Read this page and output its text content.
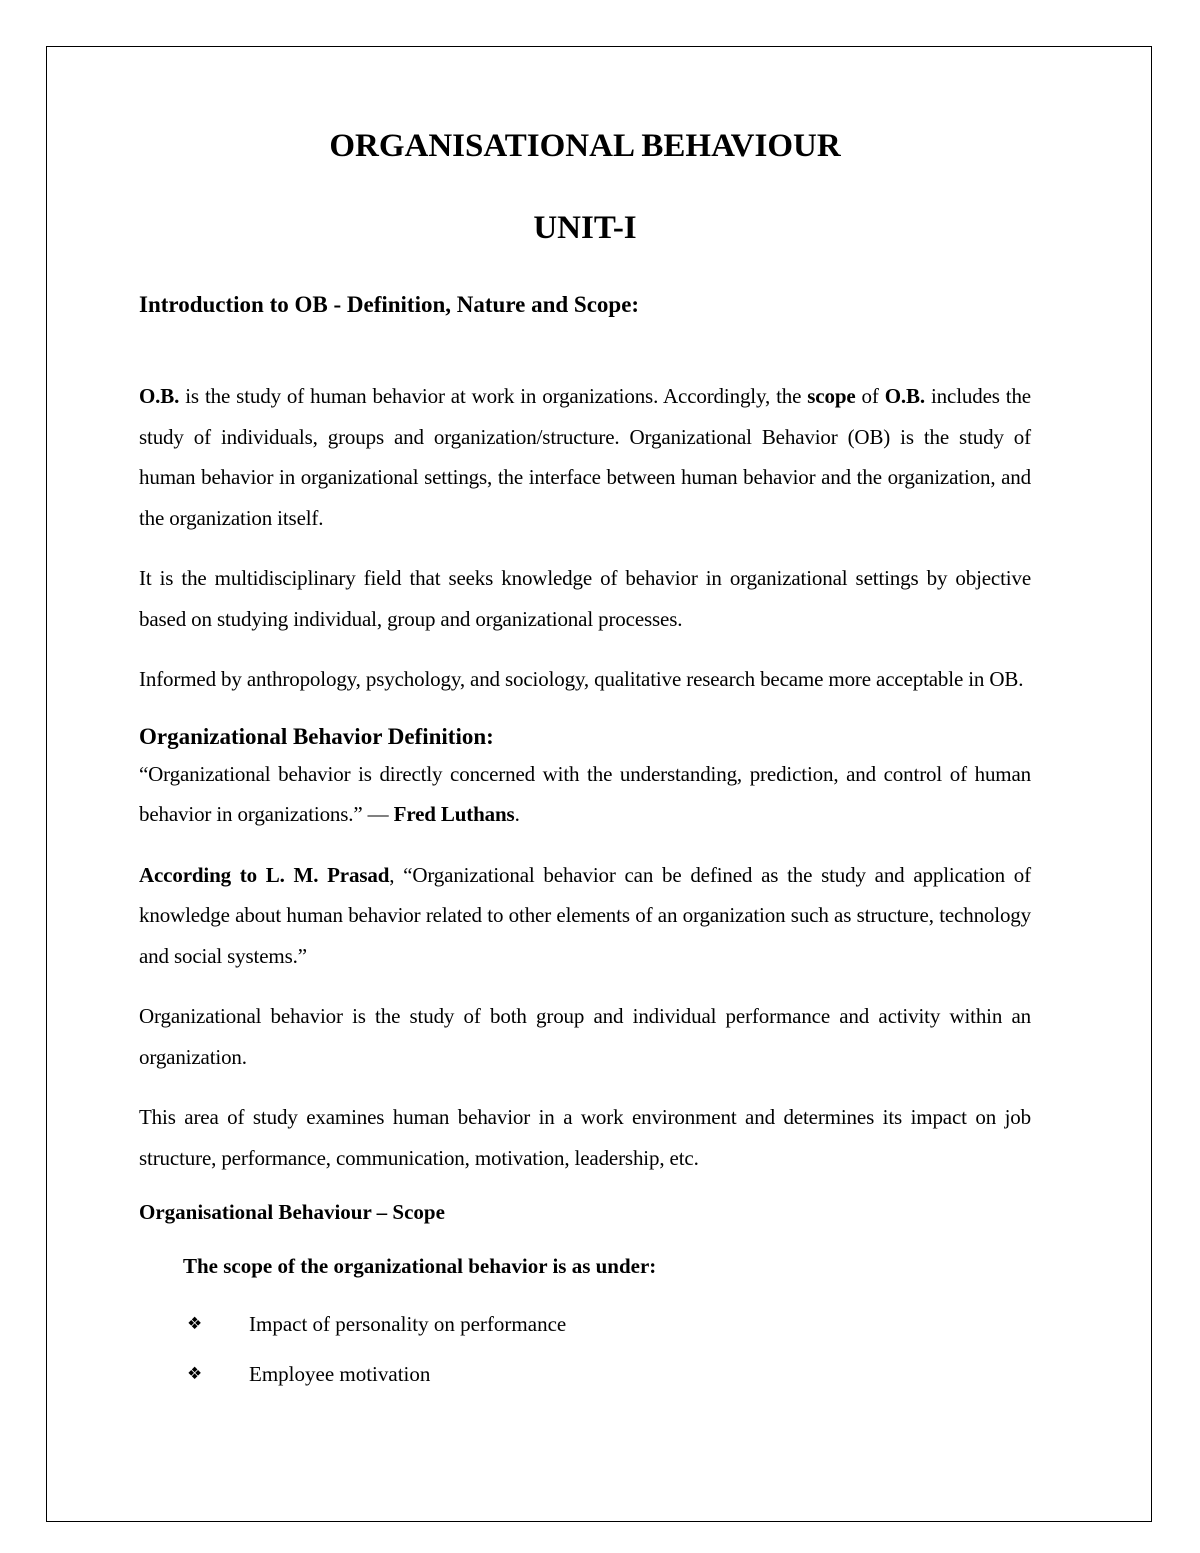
ORGANISATIONAL BEHAVIOUR
UNIT-I
Introduction to OB - Definition, Nature and Scope:

O.B. is the study of human behavior at work in organizations. Accordingly, the scope of O.B. includes the study of individuals, groups and organization/structure. Organizational Behavior (OB) is the study of human behavior in organizational settings, the interface between human behavior and the organization, and the organization itself.

It is the multidisciplinary field that seeks knowledge of behavior in organizational settings by objective based on studying individual, group and organizational processes.

Informed by anthropology, psychology, and sociology, qualitative research became more acceptable in OB.

Organizational Behavior Definition:

“Organizational behavior is directly concerned with the understanding, prediction, and control of human behavior in organizations.” — Fred Luthans.

According to L. M. Prasad, “Organizational behavior can be defined as the study and application of knowledge about human behavior related to other elements of an organization such as structure, technology and social systems.”

Organizational behavior is the study of both group and individual performance and activity within an organization.

This area of study examines human behavior in a work environment and determines its impact on job structure, performance, communication, motivation, leadership, etc.

Organisational Behaviour – Scope
The scope of the organizational behavior is as under:
❖ Impact of personality on performance
❖ Employee motivation
